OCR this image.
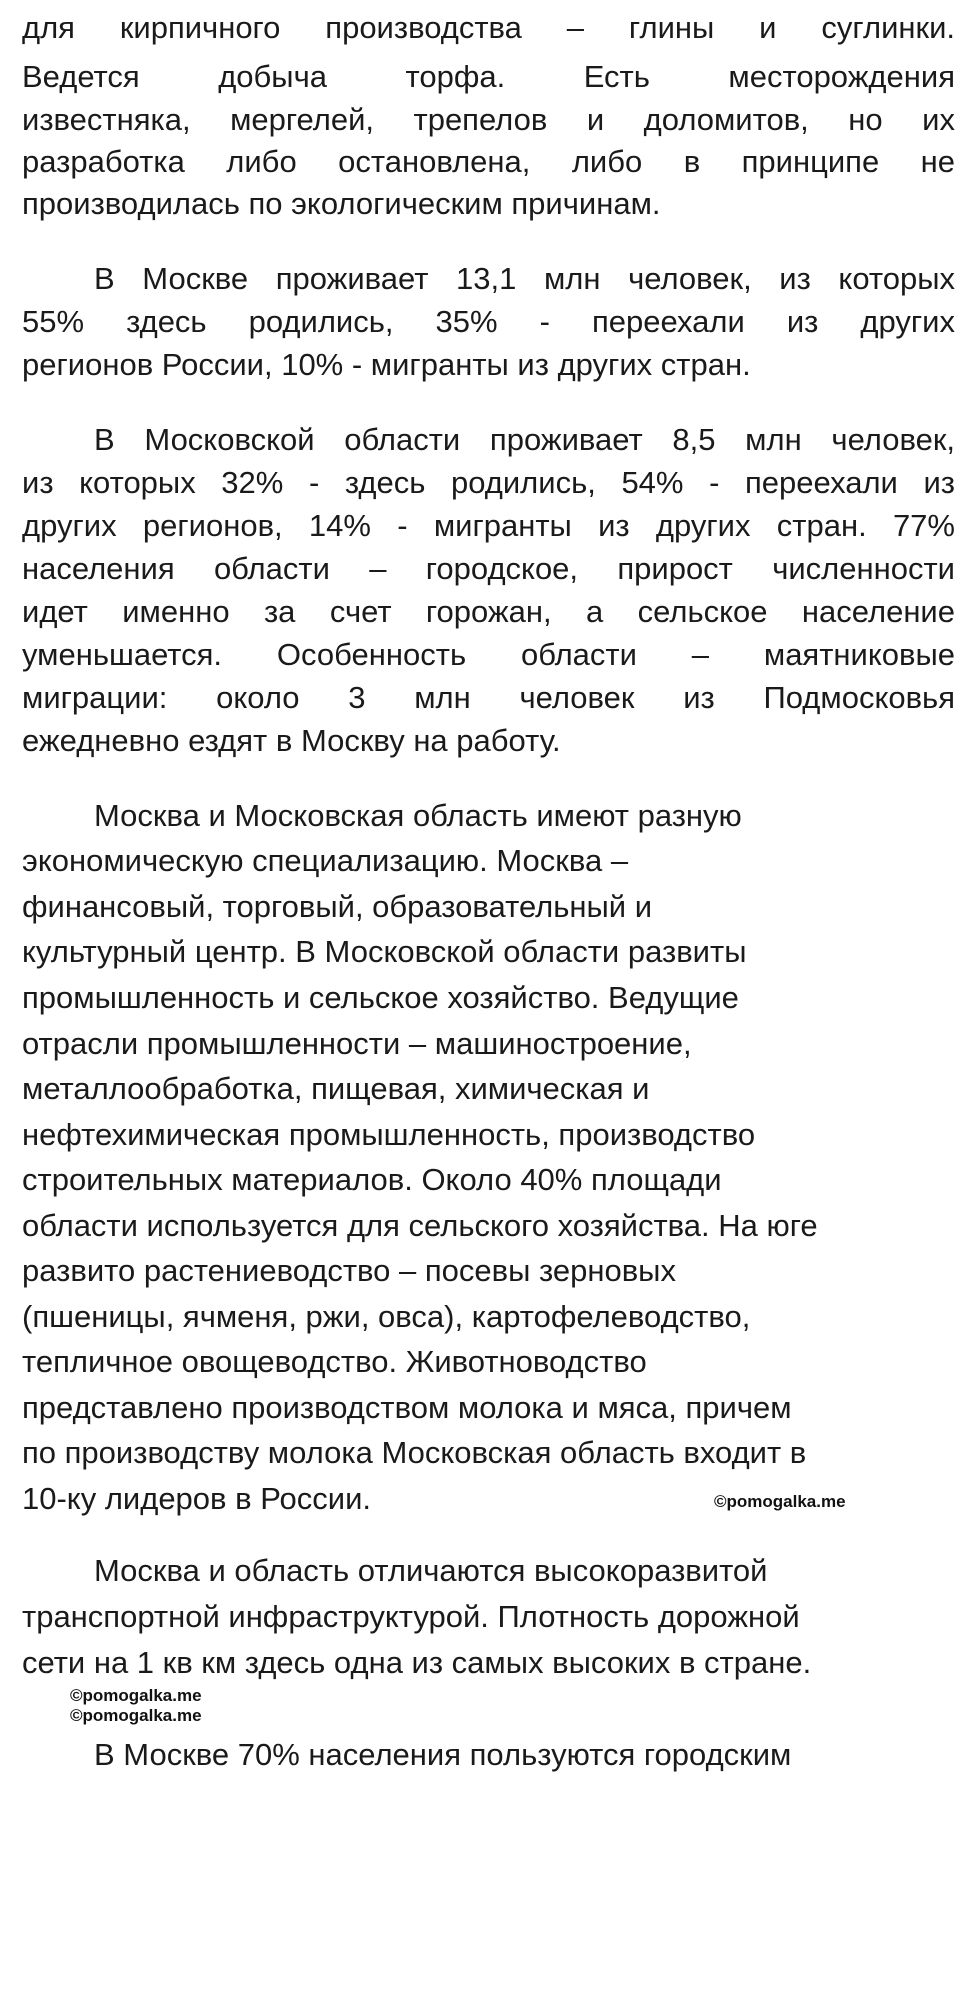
для кирпичного производства – глины и суглинки.
Ведется добыча торфа. Есть месторождения
известняка, мергелей, трепелов и доломитов, но их
разработка либо остановлена, либо в принципе не
производилась по экологическим причинам.
В Москве проживает 13,1 млн человек, из которых
55% здесь родились, 35% - переехали из других
регионов России, 10% - мигранты из других стран.
В Московской области проживает 8,5 млн человек,
из которых 32% - здесь родились, 54% - переехали из
других регионов, 14% - мигранты из других стран. 77%
населения области – городское, прирост численности
идет именно за счет горожан, а сельское население
уменьшается. Особенность области – маятниковые
миграции: около 3 млн человек из Подмосковья
ежедневно ездят в Москву на работу.
Москва и Московская область имеют разную
экономическую специализацию. Москва –
финансовый, торговый, образовательный и
культурный центр. В Московской области развиты
промышленность и сельское хозяйство. Ведущие
отрасли промышленности – машиностроение,
металлообработка, пищевая, химическая и
нефтехимическая промышленность, производство
строительных материалов. Около 40% площади
области используется для сельского хозяйства. На юге
развито растениеводство – посевы зерновых
(пшеницы, ячменя, ржи, овса), картофелеводство,
тепличное овощеводство. Животноводство
представлено производством молока и мяса, причем
по производству молока Московская область входит в
10-ку лидеров в России.	©pomogalka.me
Москва и область отличаются высокоразвитой
транспортной инфраструктурой. Плотность дорожной
сети на 1 кв км здесь одна из самых высоких в стране.
©pomogalka.me
©pomogalka.me
В Москве 70% населения пользуются городским
